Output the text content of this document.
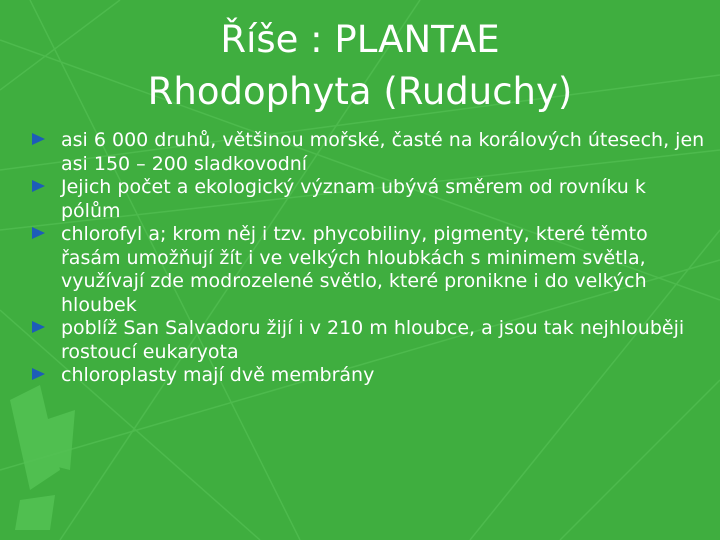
Říše : PLANTAE
Rhodophyta (Ruduchy)
asi 6 000 druhů, většinou mořské, časté na korálových útesech, jen asi 150 – 200 sladkovodní
Jejich počet a ekologický význam ubývá směrem od rovníku k pólům
chlorofyl a; krom něj i tzv. phycobiliny, pigmenty, které těmto řasám umožňují žít i ve velkých hloubkách s minimem světla, využívají zde modrozelené světlo, které pronikne i do velkých hloubek
poblíž San Salvadoru žijí i v 210 m hloubce, a jsou tak nejhlouběji rostoucí eukaryota
chloroplasty mají dvě membrány
